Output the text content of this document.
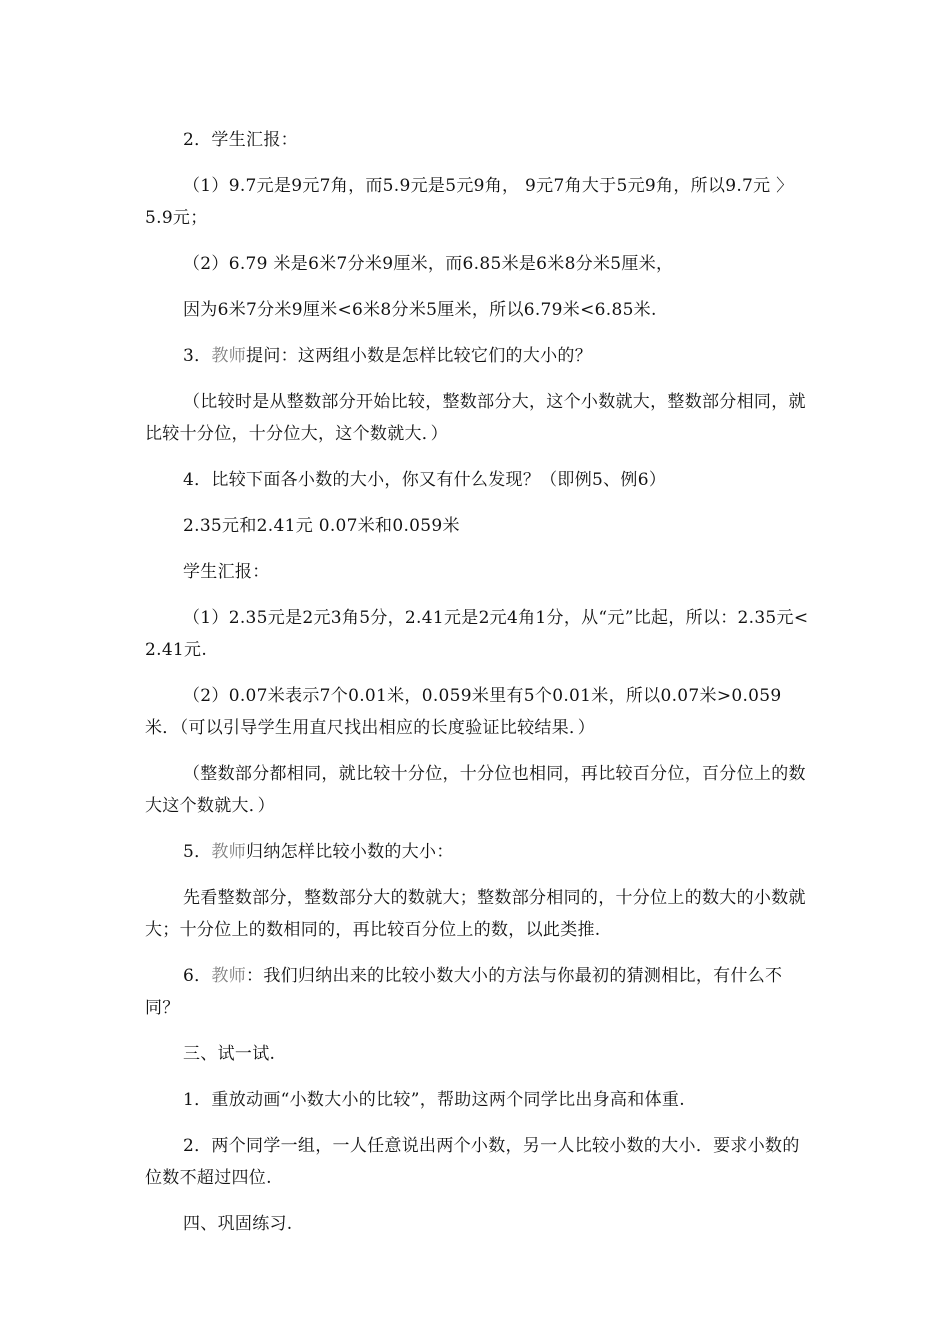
2．学生汇报：

（1）9.7元是9元7角，而5.9元是5元9角， 9元7角大于5元9角，所以9.7元 〉5.9元；

（2）6.79 米是6米7分米9厘米，而6.85米是6米8分米5厘米，

因为6米7分米9厘米<6米8分米5厘米，所以6.79米<6.85米.

3．教师提问：这两组小数是怎样比较它们的大小的？

（比较时是从整数部分开始比较，整数部分大，这个小数就大，整数部分相同，就比较十分位，十分位大，这个数就大．）

4．比较下面各小数的大小，你又有什么发现？（即例5、例6）

2.35元和2.41元 0.07米和0.059米

学生汇报：

（1）2.35元是2元3角5分，2.41元是2元4角1分，从“元”比起，所以：2.35元<2.41元.

（2）0.07米表示7个0.01米，0.059米里有5个0.01米，所以0.07米>0.059米．（可以引导学生用直尺找出相应的长度验证比较结果．）

（整数部分都相同，就比较十分位，十分位也相同，再比较百分位，百分位上的数大这个数就大．）

5．教师归纳怎样比较小数的大小：

先看整数部分，整数部分大的数就大；整数部分相同的，十分位上的数大的小数就大；十分位上的数相同的，再比较百分位上的数，以此类推.

6．教师：我们归纳出来的比较小数大小的方法与你最初的猜测相比，有什么不同？

三、试一试.

1．重放动画“小数大小的比较”，帮助这两个同学比出身高和体重.

2．两个同学一组，一人任意说出两个小数，另一人比较小数的大小．要求小数的位数不超过四位.

四、巩固练习.
